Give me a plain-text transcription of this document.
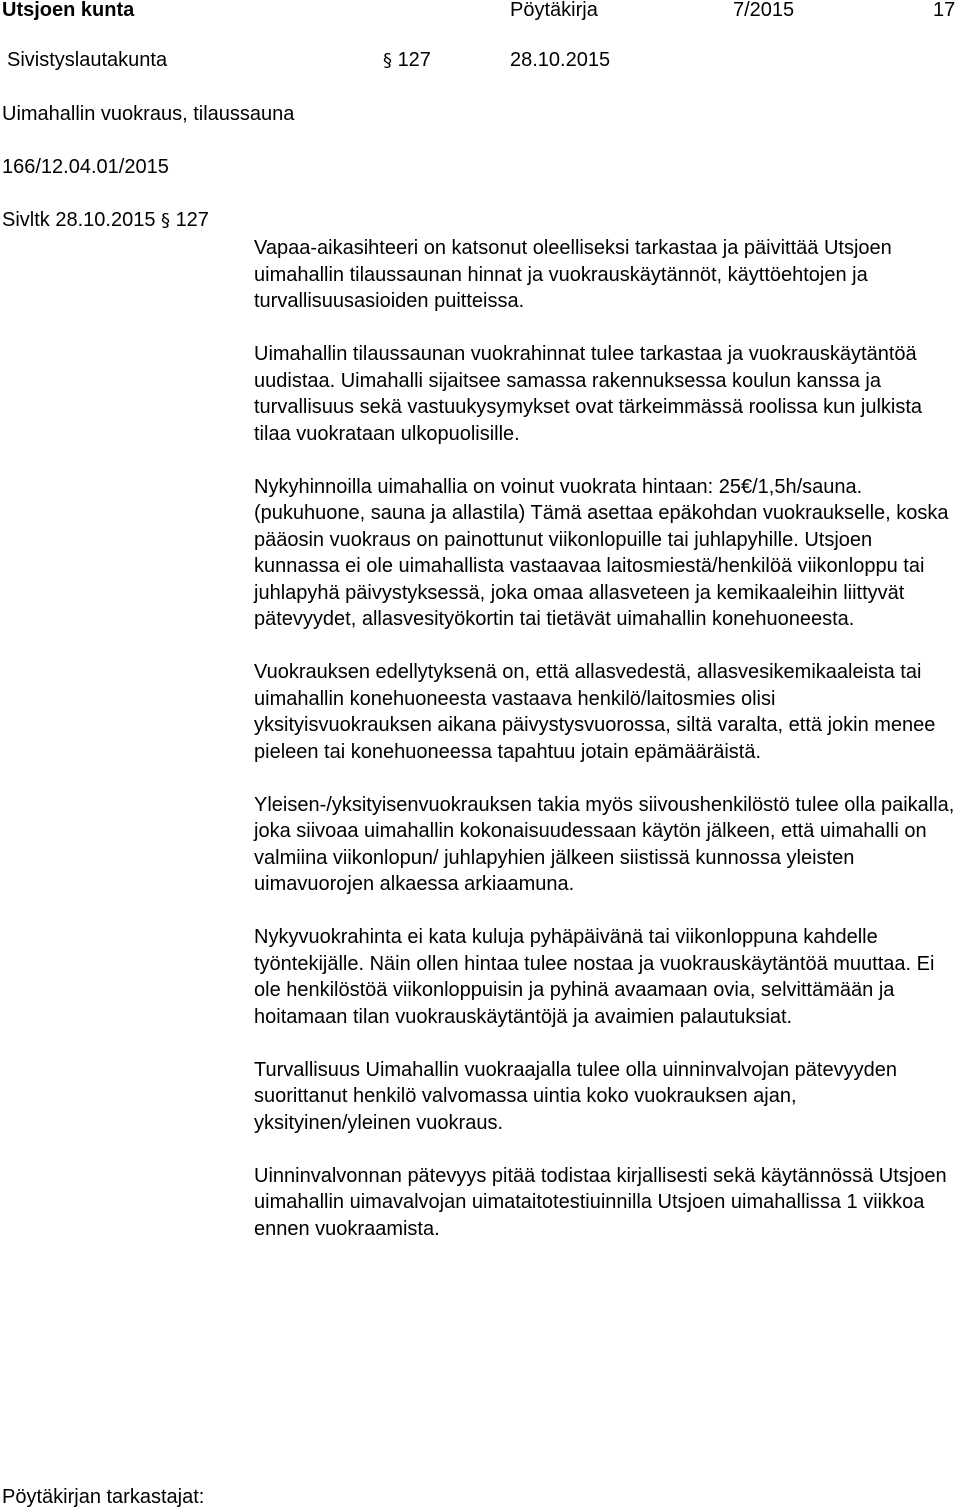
Utsjoen kunta	Pöytäkirja	7/2015	17
Sivistyslautakunta	§ 127	28.10.2015
Uimahallin vuokraus, tilaussauna
166/12.04.01/2015
Sivltk 28.10.2015 § 127

Vapaa-aikasihteeri on katsonut oleelliseksi tarkastaa ja päivittää Utsjoen uimahallin tilaussaunan hinnat ja vuokrauskäytännöt, käyttöehtojen ja turvallisuusasioiden puitteissa.

Uimahallin tilaussaunan vuokrahinnat tulee tarkastaa ja vuokrauskäytäntöä uudistaa. Uimahalli sijaitsee samassa rakennuksessa koulun kanssa ja turvallisuus sekä vastuukysymykset ovat tärkeimmässä roolissa kun julkista tilaa vuokrataan ulkopuolisille.

Nykyhinnoilla uimahallia on voinut vuokrata hintaan: 25€/1,5h/sauna. (pukuhuone, sauna ja allastila) Tämä asettaa epäkohdan vuokraukselle, koska pääosin vuokraus on painottunut viikonlopuille tai juhlapyhille. Utsjoen kunnassa ei ole uimahallista vastaavaa laitosmiestä/henkilöä viikonloppu tai juhlapyhä päivystyksessä, joka omaa allasveteen ja kemikaaleihin liittyvät pätevyydet, allasvesityökortin tai tietävät uimahallin konehuoneesta.

Vuokrauksen edellytyksenä on, että allasvedestä, allasvesikemikaaleista tai uimahallin konehuoneesta vastaava henkilö/laitosmies olisi yksityisvuokrauksen aikana päivystysvuorossa, siltä varalta, että jokin menee pieleen tai konehuoneessa tapahtuu jotain epämääräistä.

Yleisen-/yksityisenvuokrauksen takia myös siivoushenkilöstö tulee olla paikalla, joka siivoaa uimahallin kokonaisuudessaan käytön jälkeen, että uimahalli on valmiina viikonlopun/ juhlapyhien jälkeen siistissä kunnossa yleisten uimavuorojen alkaessa arkiaamuna.

Nykyvuokrahinta ei kata kuluja pyhäpäivänä tai viikonloppuna kahdelle työntekijälle. Näin ollen hintaa tulee nostaa ja vuokrauskäytäntöä muuttaa. Ei ole henkilöstöä viikonloppuisin ja pyhinä avaamaan ovia, selvittämään ja hoitamaan tilan vuokrauskäytäntöjä ja avaimien palautuksiat.

Turvallisuus Uimahallin vuokraajalla tulee olla uinninvalvojan pätevyyden suorittanut henkilö valvomassa uintia koko vuokrauksen ajan, yksityinen/yleinen vuokraus.

Uinninvalvonnan pätevyys pitää todistaa kirjallisesti sekä käytännössä Utsjoen uimahallin uimavalvojan uimataitotestiuinnilla Utsjoen uimahallissa 1 viikkoa ennen vuokraamista.

Pöytäkirjan tarkastajat:
